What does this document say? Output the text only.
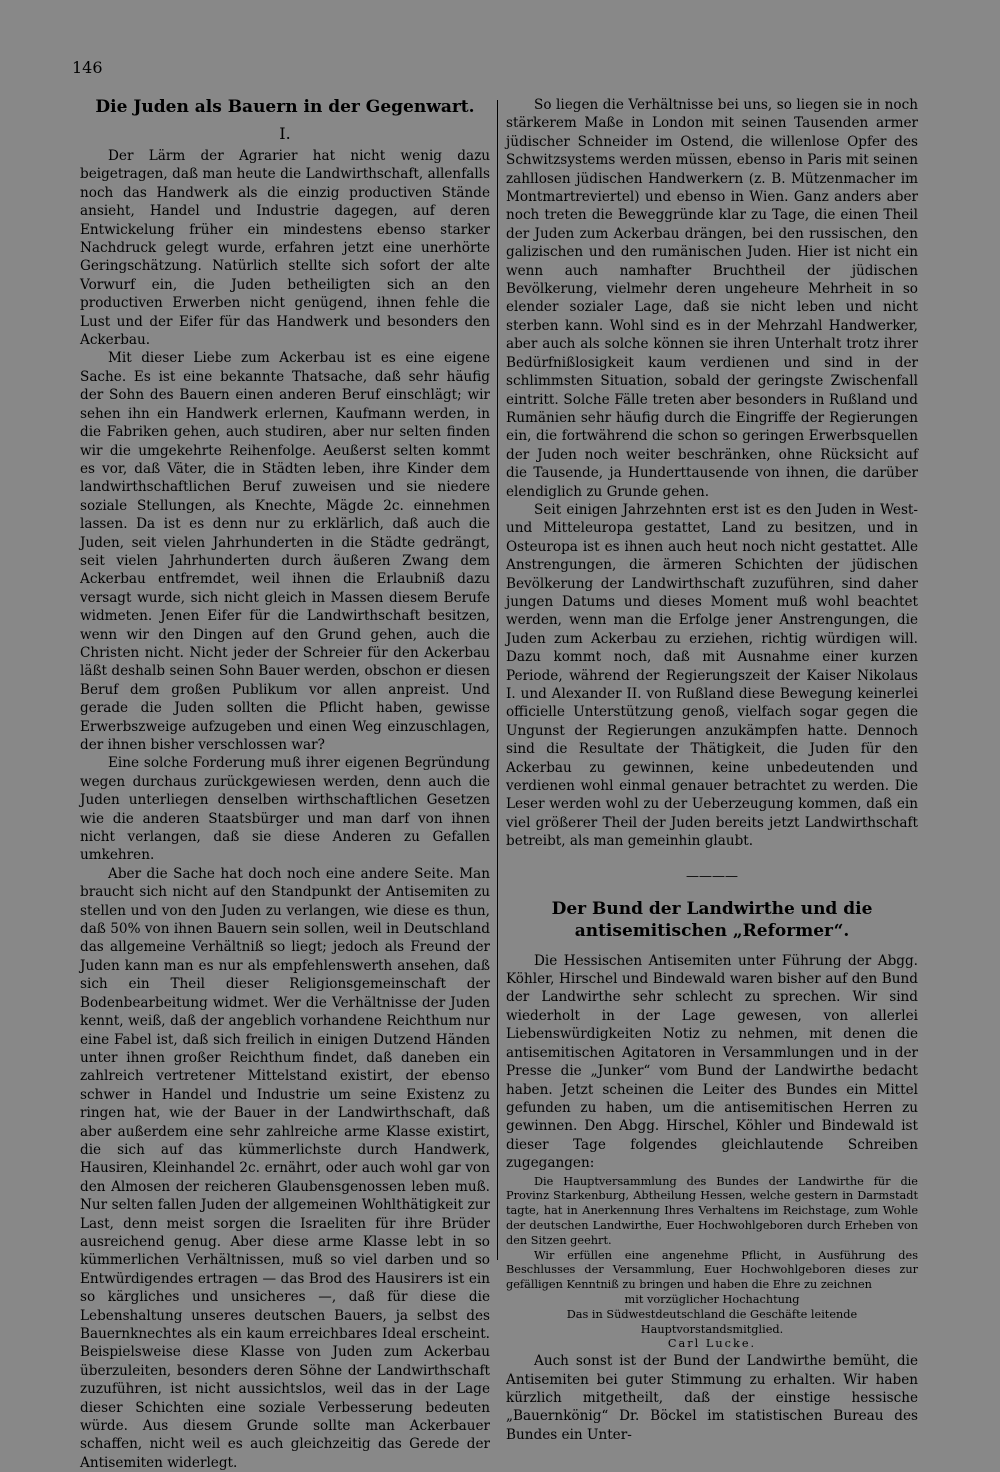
146
Die Juden als Bauern in der Gegenwart.
I.

Der Lärm der Agrarier hat nicht wenig dazu beigetragen, daß man heute die Landwirthschaft, allenfalls noch das Handwerk als die einzig productiven Stände ansieht, Handel und Industrie dagegen, auf deren Entwickelung früher ein mindestens ebenso starker Nachdruck gelegt wurde, erfahren jetzt eine unerhörte Geringschätzung. Natürlich stellte sich sofort der alte Vorwurf ein, die Juden betheiligten sich an den productiven Erwerben nicht genügend, ihnen fehle die Lust und der Eifer für das Handwerk und besonders den Ackerbau.

Mit dieser Liebe zum Ackerbau ist es eine eigene Sache. Es ist eine bekannte Thatsache, daß sehr häufig der Sohn des Bauern einen anderen Beruf einschlägt; wir sehen ihn ein Handwerk erlernen, Kaufmann werden, in die Fabriken gehen, auch studiren, aber nur selten finden wir die umgekehrte Reihenfolge. Aeußerst selten kommt es vor, daß Väter, die in Städten leben, ihre Kinder dem landwirthschaftlichen Beruf zuweisen und sie niedere soziale Stellungen, als Knechte, Mägde 2c. einnehmen lassen. Da ist es denn nur zu erklärlich, daß auch die Juden, seit vielen Jahrhunderten in die Städte gedrängt, seit vielen Jahrhunderten durch äußeren Zwang dem Ackerbau entfremdet, weil ihnen die Erlaubniß dazu versagt wurde, sich nicht gleich in Massen diesem Berufe widmeten. Jenen Eifer für die Landwirthschaft besitzen, wenn wir den Dingen auf den Grund gehen, auch die Christen nicht. Nicht jeder der Schreier für den Ackerbau läßt deshalb seinen Sohn Bauer werden, obschon er diesen Beruf dem großen Publikum vor allen anpreist. Und gerade die Juden sollten die Pflicht haben, gewisse Erwerbszweige aufzugeben und einen Weg einzuschlagen, der ihnen bisher verschlossen war?

Eine solche Forderung muß ihrer eigenen Begründung wegen durchaus zurückgewiesen werden, denn auch die Juden unterliegen denselben wirthschaftlichen Gesetzen wie die anderen Staatsbürger und man darf von ihnen nicht verlangen, daß sie diese Anderen zu Gefallen umkehren.

Aber die Sache hat doch noch eine andere Seite. Man braucht sich nicht auf den Standpunkt der Antisemiten zu stellen und von den Juden zu verlangen, wie diese es thun, daß 50% von ihnen Bauern sein sollen, weil in Deutschland das allgemeine Verhältniß so liegt; jedoch als Freund der Juden kann man es nur als empfehlenswerth ansehen, daß sich ein Theil dieser Religionsgemeinschaft der Bodenbearbeitung widmet. Wer die Verhältnisse der Juden kennt, weiß, daß der angeblich vorhandene Reichthum nur eine Fabel ist, daß sich freilich in einigen Dutzend Händen unter ihnen großer Reichthum findet, daß daneben ein zahlreich vertretener Mittelstand existirt, der ebenso schwer in Handel und Industrie um seine Existenz zu ringen hat, wie der Bauer in der Landwirthschaft, daß aber außerdem eine sehr zahlreiche arme Klasse existirt, die sich auf das kümmerlichste durch Handwerk, Hausiren, Kleinhandel 2c. ernährt, oder auch wohl gar von den Almosen der reicheren Glaubensgenossen leben muß. Nur selten fallen Juden der allgemeinen Wohlthätigkeit zur Last, denn meist sorgen die Israeliten für ihre Brüder ausreichend genug. Aber diese arme Klasse lebt in so kümmerlichen Verhältnissen, muß so viel darben und so Entwürdigendes ertragen — das Brod des Hausirers ist ein so kärgliches und unsicheres —, daß für diese die Lebenshaltung unseres deutschen Bauers, ja selbst des Bauernknechtes als ein kaum erreichbares Ideal erscheint. Beispielsweise diese Klasse von Juden zum Ackerbau überzuleiten, besonders deren Söhne der Landwirthschaft zuzuführen, ist nicht aussichtslos, weil das in der Lage dieser Schichten eine soziale Verbesserung bedeuten würde. Aus diesem Grunde sollte man Ackerbauer schaffen, nicht weil es auch gleichzeitig das Gerede der Antisemiten widerlegt.

So liegen die Verhältnisse bei uns, so liegen sie in noch stärkerem Maße in London mit seinen Tausenden armer jüdischer Schneider im Ostend, die willenlose Opfer des Schwitzsystems werden müssen, ebenso in Paris mit seinen zahllosen jüdischen Handwerkern (z. B. Mützenmacher im Montmartreviertel) und ebenso in Wien. Ganz anders aber noch treten die Beweggründe klar zu Tage, die einen Theil der Juden zum Ackerbau drängen, bei den russischen, den galizischen und den rumänischen Juden. Hier ist nicht ein wenn auch namhafter Bruchtheil der jüdischen Bevölkerung, vielmehr deren ungeheure Mehrheit in so elender sozialer Lage, daß sie nicht leben und nicht sterben kann. Wohl sind es in der Mehrzahl Handwerker, aber auch als solche können sie ihren Unterhalt trotz ihrer Bedürfnißlosigkeit kaum verdienen und sind in der schlimmsten Situation, sobald der geringste Zwischenfall eintritt. Solche Fälle treten aber besonders in Rußland und Rumänien sehr häufig durch die Eingriffe der Regierungen ein, die fortwährend die schon so geringen Erwerbsquellen der Juden noch weiter beschränken, ohne Rücksicht auf die Tausende, ja Hunderttausende von ihnen, die darüber elendiglich zu Grunde gehen.

Seit einigen Jahrzehnten erst ist es den Juden in West- und Mitteleuropa gestattet, Land zu besitzen, und in Osteuropa ist es ihnen auch heut noch nicht gestattet. Alle Anstrengungen, die ärmeren Schichten der jüdischen Bevölkerung der Landwirthschaft zuzuführen, sind daher jungen Datums und dieses Moment muß wohl beachtet werden, wenn man die Erfolge jener Anstrengungen, die Juden zum Ackerbau zu erziehen, richtig würdigen will. Dazu kommt noch, daß mit Ausnahme einer kurzen Periode, während der Regierungszeit der Kaiser Nikolaus I. und Alexander II. von Rußland diese Bewegung keinerlei officielle Unterstützung genoß, vielfach sogar gegen die Ungunst der Regierungen anzukämpfen hatte. Dennoch sind die Resultate der Thätigkeit, die Juden für den Ackerbau zu gewinnen, keine unbedeutenden und verdienen wohl einmal genauer betrachtet zu werden. Die Leser werden wohl zu der Ueberzeugung kommen, daß ein viel größerer Theil der Juden bereits jetzt Landwirthschaft betreibt, als man gemeinhin glaubt.

————
Der Bund der Landwirthe und die antisemitischen „Reformer“.

Die Hessischen Antisemiten unter Führung der Abgg. Köhler, Hirschel und Bindewald waren bisher auf den Bund der Landwirthe sehr schlecht zu sprechen. Wir sind wiederholt in der Lage gewesen, von allerlei Liebenswürdigkeiten Notiz zu nehmen, mit denen die antisemitischen Agitatoren in Versammlungen und in der Presse die „Junker“ vom Bund der Landwirthe bedacht haben. Jetzt scheinen die Leiter des Bundes ein Mittel gefunden zu haben, um die antisemitischen Herren zu gewinnen. Den Abgg. Hirschel, Köhler und Bindewald ist dieser Tage folgendes gleichlautende Schreiben zugegangen:

Die Hauptversammlung des Bundes der Landwirthe für die Provinz Starkenburg, Abtheilung Hessen, welche gestern in Darmstadt tagte, hat in Anerkennung Ihres Verhaltens im Reichstage, zum Wohle der deutschen Landwirthe, Euer Hochwohlgeboren durch Erheben von den Sitzen geehrt.

Wir erfüllen eine angenehme Pflicht, in Ausführung des Beschlusses der Versammlung, Euer Hochwohlgeboren dieses zur gefälligen Kenntniß zu bringen und haben die Ehre zu zeichnen

mit vorzüglicher Hochachtung

Das in Südwestdeutschland die Geschäfte leitende Hauptvorstandsmitglied.

Carl Lucke.

Auch sonst ist der Bund der Landwirthe bemüht, die Antisemiten bei guter Stimmung zu erhalten. Wir haben kürzlich mitgetheilt, daß der einstige hessische „Bauernkönig“ Dr. Böckel im statistischen Bureau des Bundes ein Unter-
